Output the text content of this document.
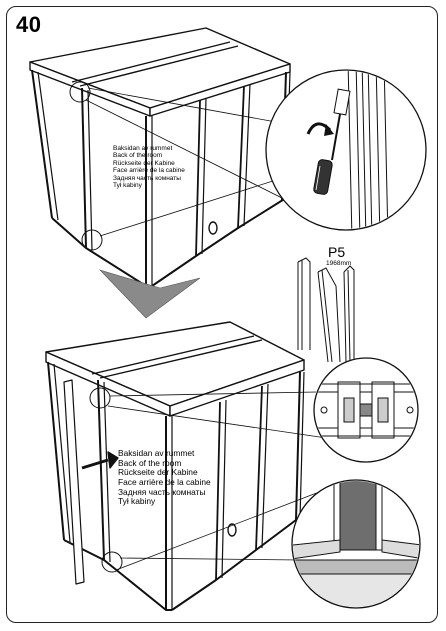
40
Baksidan av rummet
Back of the room
Rückseite der Kabine
Face arrière de la cabine
Задняя часть комнаты
Tył kabiny
Baksidan av rummet
Back of the room
Rückseite der Kabine
Face arrière de la cabine
Задняя часть комнаты
Tył kabiny
P5
1968mm
